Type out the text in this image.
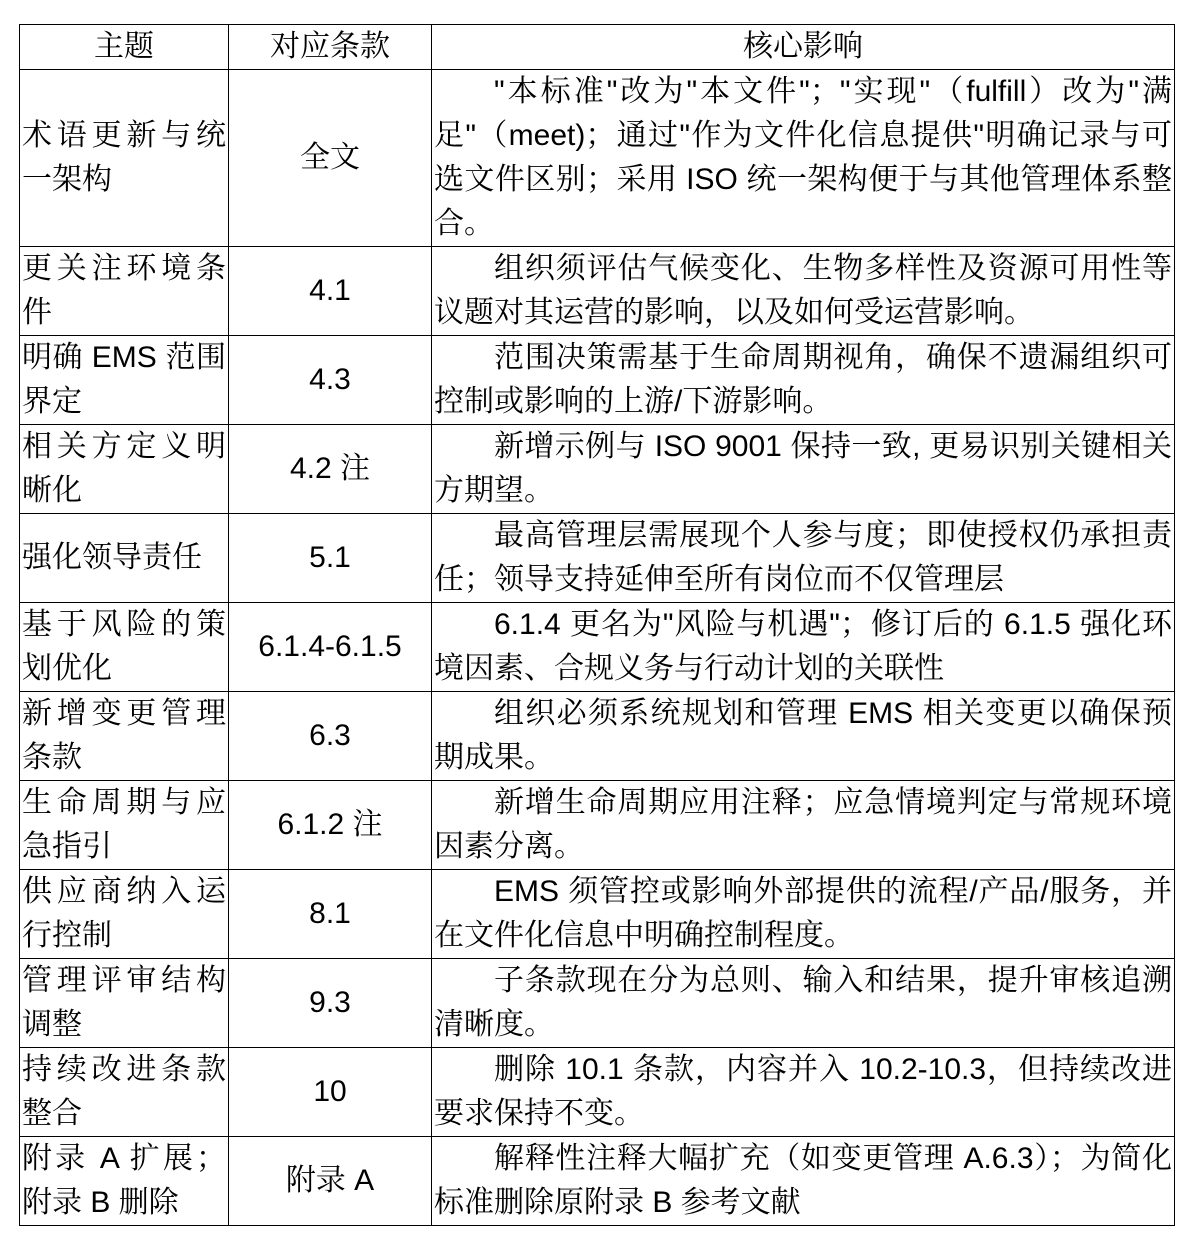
主题	对应条款	核心影响
术语更新与统一架构	全文	"本标准"改为"本文件"；"实现"（fulfill）改为"满足"（meet)；通过"作为文件化信息提供"明确记录与可选文件区别；采用 ISO 统一架构便于与其他管理体系整合。
更关注环境条件	4.1	组织须评估气候变化、生物多样性及资源可用性等议题对其运营的影响，以及如何受运营影响。
明确 EMS 范围界定	4.3	范围决策需基于生命周期视角，确保不遗漏组织可控制或影响的上游/下游影响。
相关方定义明晰化	4.2 注	新增示例与 ISO 9001 保持一致, 更易识别关键相关方期望。
强化领导责任	5.1	最高管理层需展现个人参与度；即使授权仍承担责任；领导支持延伸至所有岗位而不仅管理层
基于风险的策划优化	6.1.4-6.1.5	6.1.4 更名为"风险与机遇"；修订后的 6.1.5 强化环境因素、合规义务与行动计划的关联性
新增变更管理条款	6.3	组织必须系统规划和管理 EMS 相关变更以确保预期成果。
生命周期与应急指引	6.1.2 注	新增生命周期应用注释；应急情境判定与常规环境因素分离。
供应商纳入运行控制	8.1	EMS 须管控或影响外部提供的流程/产品/服务，并在文件化信息中明确控制程度。
管理评审结构调整	9.3	子条款现在分为总则、输入和结果，提升审核追溯清晰度。
持续改进条款整合	10	删除 10.1 条款，内容并入 10.2-10.3，但持续改进要求保持不变。
附录 A 扩展；附录 B 删除	附录 A	解释性注释大幅扩充（如变更管理 A.6.3）；为简化标准删除原附录 B 参考文献
